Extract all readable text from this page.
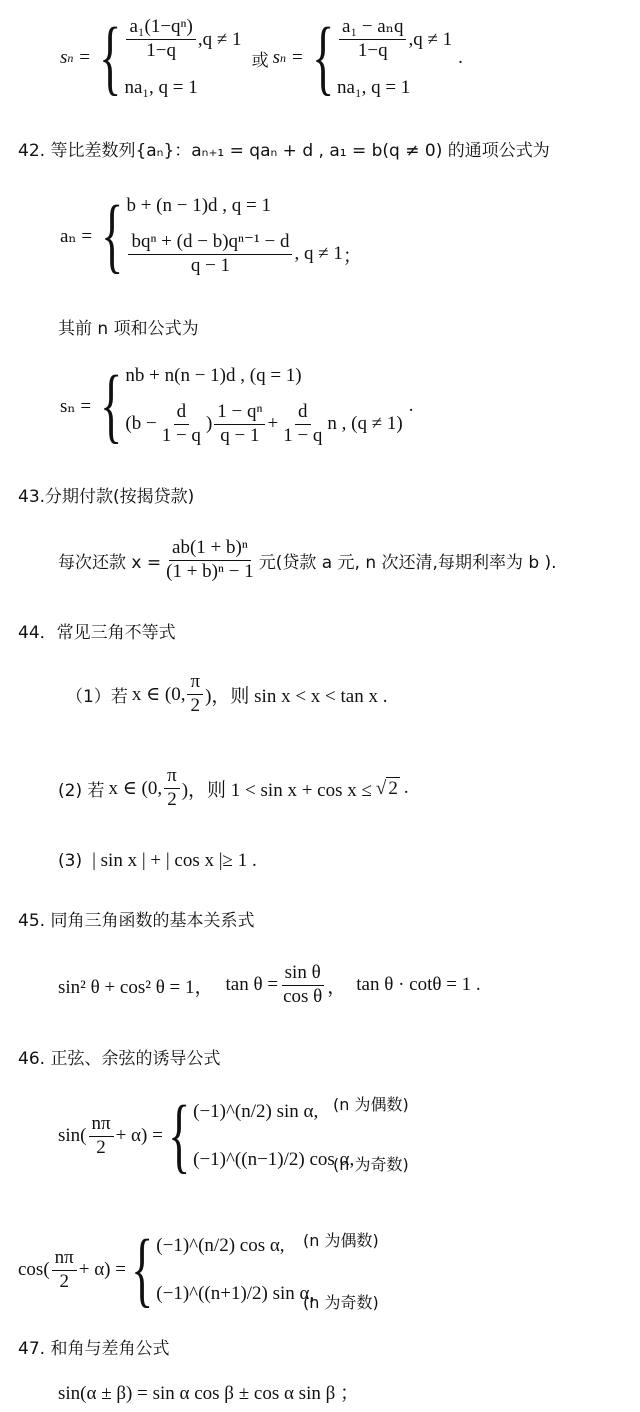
s n = { $\frac{\text{a₁(1−qⁿ)}}{1-q} ,q \ne 1$
na₁, q = 1
或 s n = { $\frac{\text{a₁ − aₙq}}{1-q} ,q \ne 1$
na₁, q = 1
.
42. 等比差数列{aₙ}：aₙ₊₁ = qaₙ + d , a₁ = b(q ≠ 0) 的通项公式为
aₙ = { b + (n − 1)d , q = 1
$\frac{\text{bqⁿ + (d − b)qⁿ⁻¹ − d}}{q - 1}$ , q ≠ 1 ；
其前 n 项和公式为
sₙ = { nb + n(n − 1)d , (q = 1)
($b - \frac{d}{1 - q}$ ) $\frac{\text{1 − qⁿ}}{q - 1} + \frac{d}{1 - q}$ n , (q ≠ 1)
.
43.分期付款(按揭贷款)
每次还款 $x = \frac{\text{ab(1 + b)ⁿ}}{\text{(1 + b)ⁿ − 1}}$ 元(贷款 a 元, n 次还清,每期利率为 b ).
44．常见三角不等式
（1）若 x ∈ (0, $\frac{\pi}{2}$ )，则 sin x < x < tan x .
(2) 若 x ∈ (0, $\frac{\pi}{2}$ )，则 1 < sin x + cos x ≤ √ 2 .
(3) | sin x | + | cos x |≥ 1 .
45. 同角三角函数的基本关系式
sin² θ + cos² θ = 1， $\tan \theta = \frac{\text{sin θ}}{\text{cos θ}}$ ， tan θ · cotθ = 1 .
46. 正弦、余弦的诱导公式
$\sin( \frac{n\pi}{2} + \alpha)$ = { (−1)^(n/2) sin α,
(−1)^((n−1)/2) cos α,
(n 为偶数)
(n 为奇数)
$\cos( \frac{n\pi}{2} + \alpha)$ = { (−1)^(n/2) cos α,
(−1)^((n+1)/2) sin α,
(n 为偶数)
(n 为奇数)
47. 和角与差角公式
sin(α ± β) = sin α cos β ± cos α sin β ；
